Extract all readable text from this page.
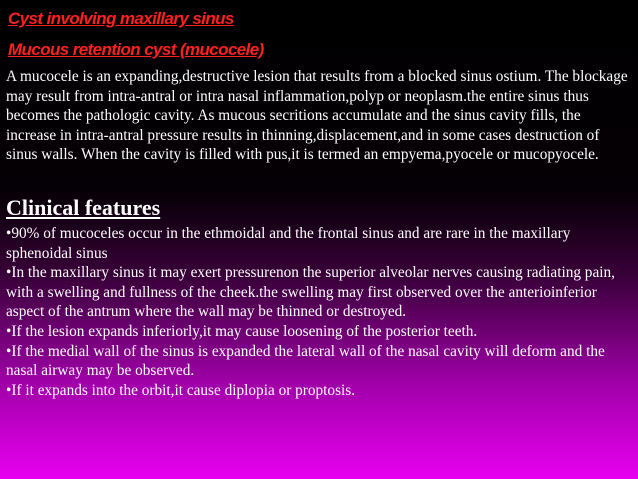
Cyst involving maxillary sinus
Mucous retention cyst (mucocele)

A mucocele is an expanding,destructive lesion that results from a blocked sinus ostium. The blockage may result from intra-antral or intra nasal inflammation,polyp or neoplasm.the entire sinus thus becomes the pathologic cavity. As mucous secritions accumulate and the sinus cavity fills, the increase in intra-antral pressure results in thinning,displacement,and in some cases destruction of sinus walls. When the cavity is filled with pus,it is termed an empyema,pyocele or mucopyocele.

Clinical features
•90% of mucoceles occur in the ethmoidal and the frontal sinus and are rare in the maxillary sphenoidal sinus
•In the maxillary sinus it may exert pressurenon the superior alveolar nerves causing radiating pain, with a swelling and fullness of the cheek.the swelling may first observed over the anterioinferior aspect of the antrum where the wall may be thinned or destroyed.
•If the lesion expands inferiorly,it may cause loosening of the posterior teeth.
•If the medial wall of the sinus is expanded the lateral wall of the nasal cavity will deform and the nasal airway may be observed.
•If it expands into the orbit,it cause diplopia or proptosis.
